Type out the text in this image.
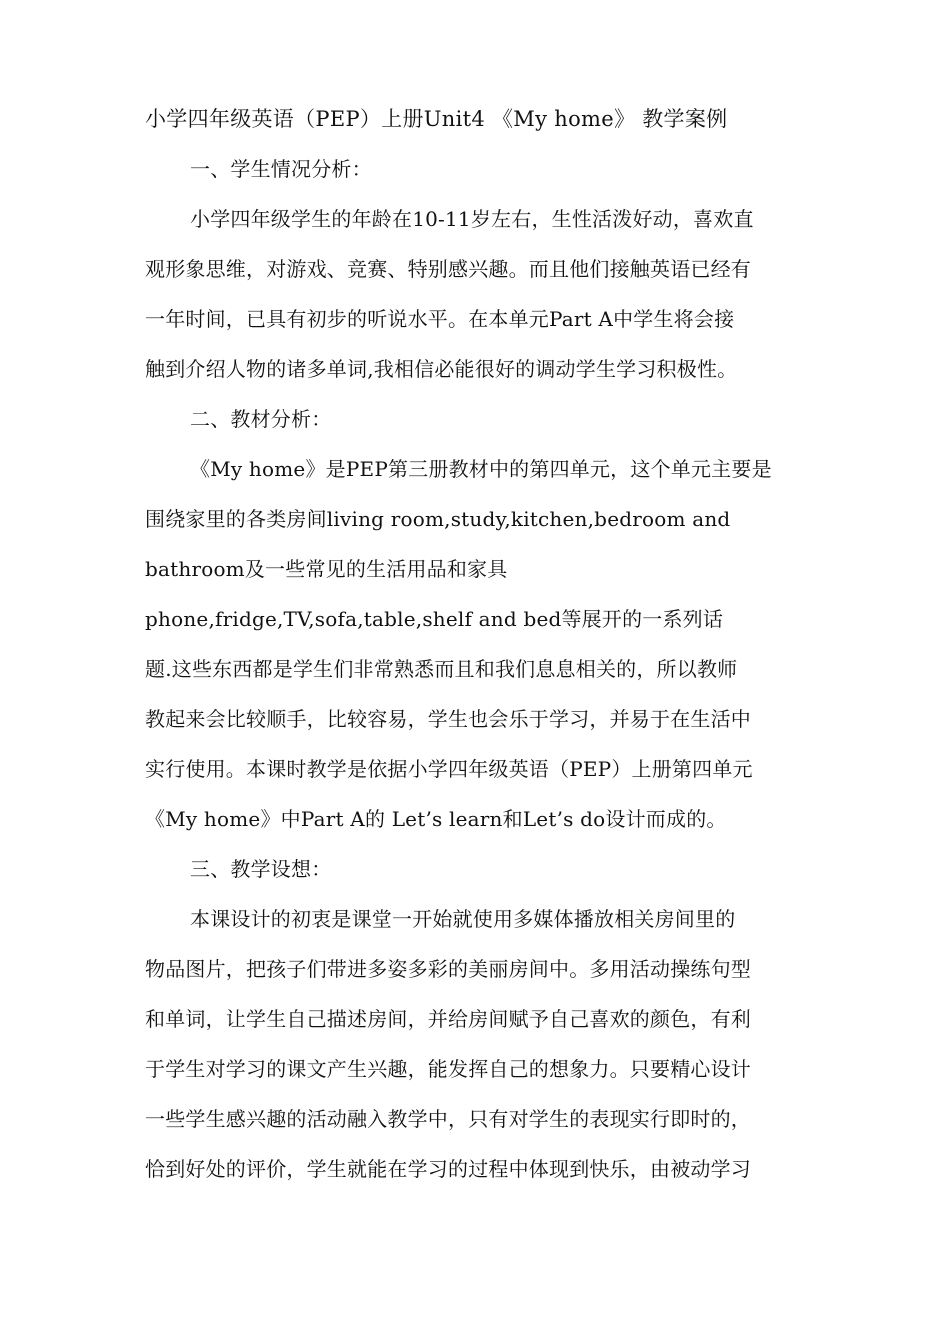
小学四年级英语（PEP）上册Unit4 《My home》 教学案例
一、学生情况分析：
小学四年级学生的年龄在10-11岁左右，生性活泼好动，喜欢直
观形象思维，对游戏、竞赛、特别感兴趣。而且他们接触英语已经有
一年时间，已具有初步的听说水平。在本单元Part A中学生将会接
触到介绍人物的诸多单词,我相信必能很好的调动学生学习积极性。
二、教材分析：
《My home》是PEP第三册教材中的第四单元，这个单元主要是
围绕家里的各类房间living room,study,kitchen,bedroom and
bathroom及一些常见的生活用品和家具
phone,fridge,TV,sofa,table,shelf and bed等展开的一系列话
题.这些东西都是学生们非常熟悉而且和我们息息相关的，所以教师
教起来会比较顺手，比较容易，学生也会乐于学习，并易于在生活中
实行使用。本课时教学是依据小学四年级英语（PEP）上册第四单元
《My home》中Part A的 Let’s learn和Let’s do设计而成的。
三、教学设想：
本课设计的初衷是课堂一开始就使用多媒体播放相关房间里的
物品图片，把孩子们带进多姿多彩的美丽房间中。多用活动操练句型
和单词，让学生自己描述房间，并给房间赋予自己喜欢的颜色，有利
于学生对学习的课文产生兴趣，能发挥自己的想象力。只要精心设计
一些学生感兴趣的活动融入教学中，只有对学生的表现实行即时的，
恰到好处的评价，学生就能在学习的过程中体现到快乐，由被动学习
